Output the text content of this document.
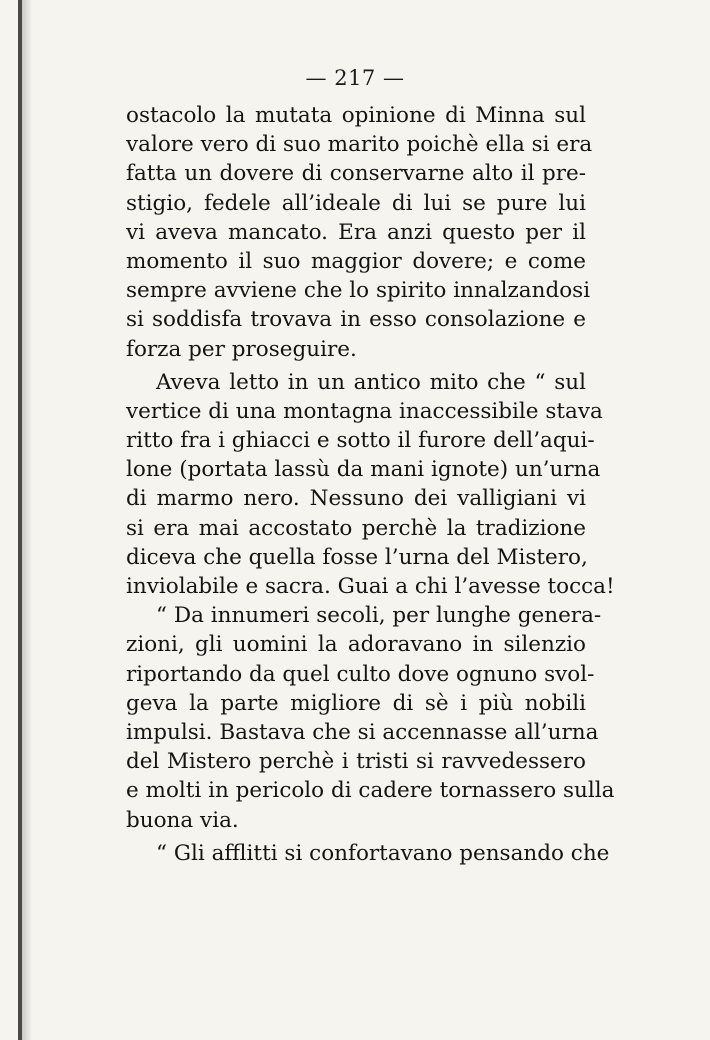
— 217 —
ostacolo la mutata opinione di Minna sul
valore vero di suo marito poichè ella si era
fatta un dovere di conservarne alto il pre-
stigio, fedele all’ideale di lui se pure lui
vi aveva mancato. Era anzi questo per il
momento il suo maggior dovere; e come
sempre avviene che lo spirito innalzandosi
si soddisfa trovava in esso consolazione e
forza per proseguire.
Aveva letto in un antico mito che “ sul
vertice di una montagna inaccessibile stava
ritto fra i ghiacci e sotto il furore dell’aqui-
lone (portata lassù da mani ignote) un’urna
di marmo nero. Nessuno dei valligiani vi
si era mai accostato perchè la tradizione
diceva che quella fosse l’urna del Mistero,
inviolabile e sacra. Guai a chi l’avesse tocca!
“ Da innumeri secoli, per lunghe genera-
zioni, gli uomini la adoravano in silenzio
riportando da quel culto dove ognuno svol-
geva la parte migliore di sè i più nobili
impulsi. Bastava che si accennasse all’urna
del Mistero perchè i tristi si ravvedessero
e molti in pericolo di cadere tornassero sulla
buona via.
“ Gli afflitti si confortavano pensando che
